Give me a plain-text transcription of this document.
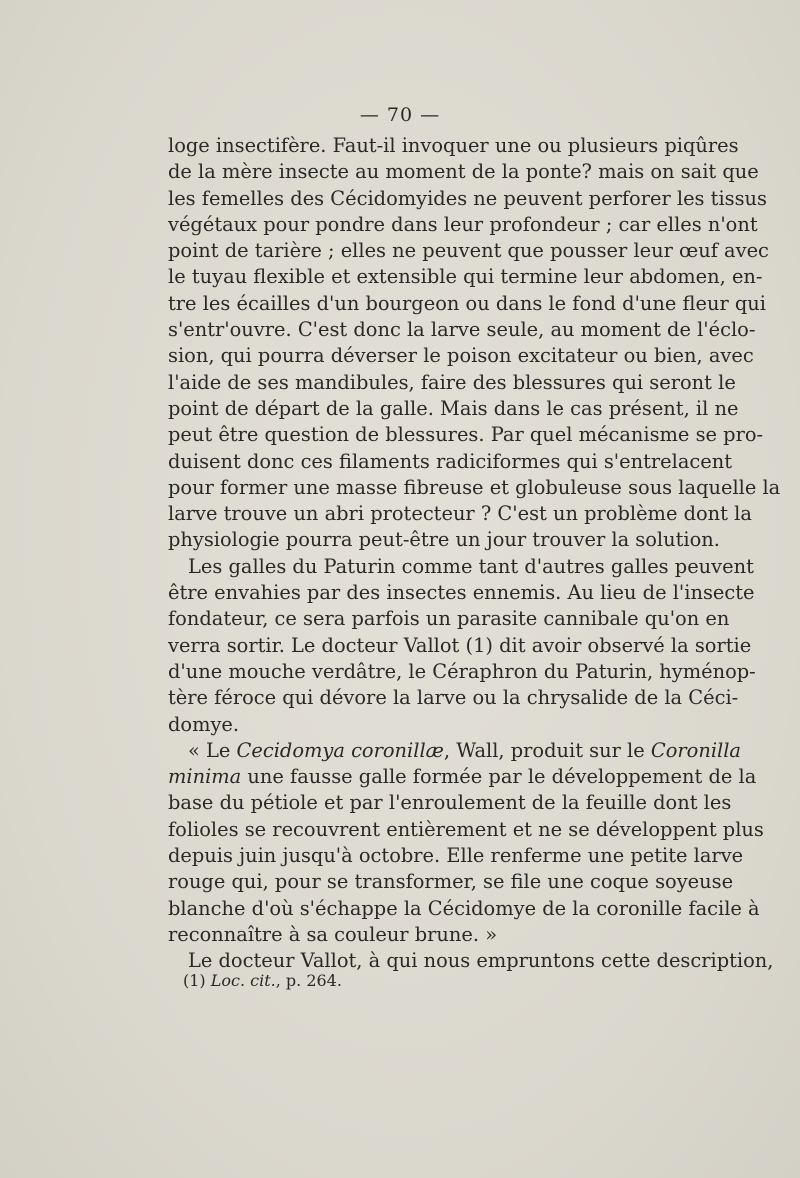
— 70 —
loge insectifère. Faut-il invoquer une ou plusieurs piqûres
de la mère insecte au moment de la ponte? mais on sait que
les femelles des Cécidomyides ne peuvent perforer les tissus
végétaux pour pondre dans leur profondeur ; car elles n'ont
point de tarière ; elles ne peuvent que pousser leur œuf avec
le tuyau flexible et extensible qui termine leur abdomen, en-
tre les écailles d'un bourgeon ou dans le fond d'une fleur qui
s'entr'ouvre. C'est donc la larve seule, au moment de l'éclo-
sion, qui pourra déverser le poison excitateur ou bien, avec
l'aide de ses mandibules, faire des blessures qui seront le
point de départ de la galle. Mais dans le cas présent, il ne
peut être question de blessures. Par quel mécanisme se pro-
duisent donc ces filaments radiciformes qui s'entrelacent
pour former une masse fibreuse et globuleuse sous laquelle la
larve trouve un abri protecteur ? C'est un problème dont la
physiologie pourra peut-être un jour trouver la solution.
Les galles du Paturin comme tant d'autres galles peuvent
être envahies par des insectes ennemis. Au lieu de l'insecte
fondateur, ce sera parfois un parasite cannibale qu'on en
verra sortir. Le docteur Vallot (1) dit avoir observé la sortie
d'une mouche verdâtre, le Céraphron du Paturin, hyménop-
tère féroce qui dévore la larve ou la chrysalide de la Céci-
domye.
« Le Cecidomya coronillæ, Wall, produit sur le Coronilla
minima une fausse galle formée par le développement de la
base du pétiole et par l'enroulement de la feuille dont les
folioles se recouvrent entièrement et ne se développent plus
depuis juin jusqu'à octobre. Elle renferme une petite larve
rouge qui, pour se transformer, se file une coque soyeuse
blanche d'où s'échappe la Cécidomye de la coronille facile à
reconnaître à sa couleur brune. »
Le docteur Vallot, à qui nous empruntons cette description,
(1) Loc. cit., p. 264.
